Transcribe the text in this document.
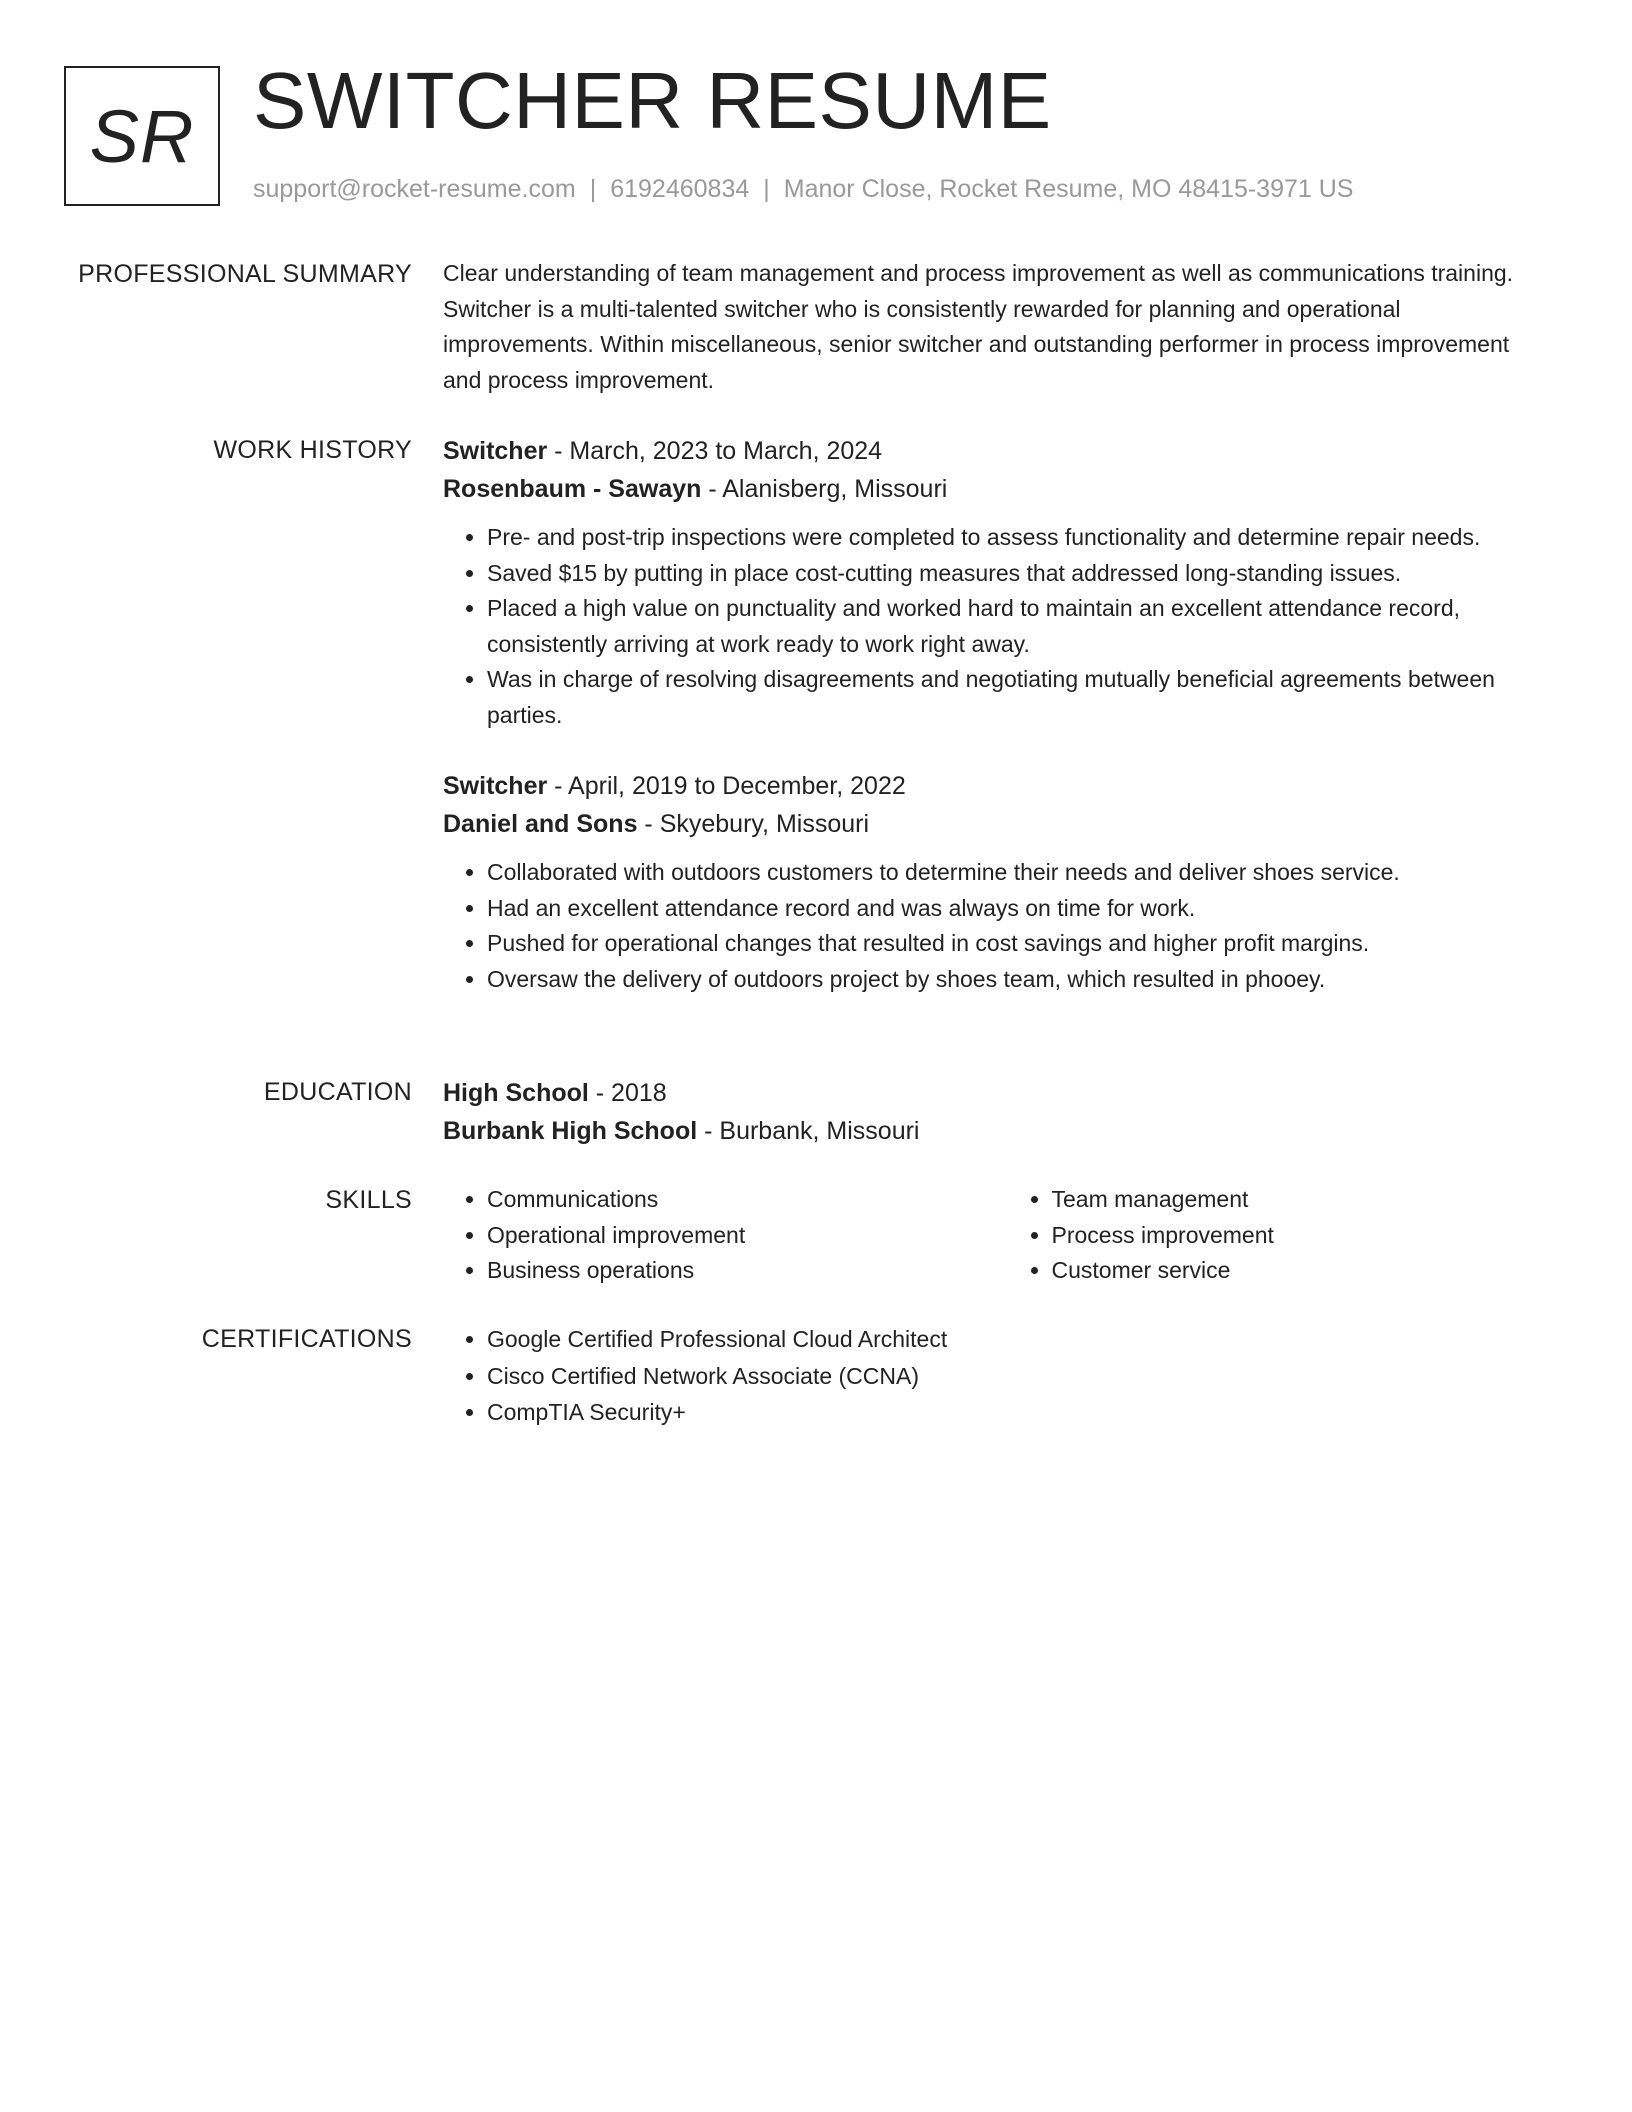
SR SWITCHER RESUME
support@rocket-resume.com | 6192460834 | Manor Close, Rocket Resume, MO 48415-3971 US
PROFESSIONAL SUMMARY Clear understanding of team management and process improvement as well as communications training. Switcher is a multi-talented switcher who is consistently rewarded for planning and operational improvements. Within miscellaneous, senior switcher and outstanding performer in process improvement and process improvement.

WORK HISTORY Switcher - March, 2023 to March, 2024
Rosenbaum - Sawayn - Alanisberg, Missouri
• Pre- and post-trip inspections were completed to assess functionality and determine repair needs.
• Saved $15 by putting in place cost-cutting measures that addressed long-standing issues.
• Placed a high value on punctuality and worked hard to maintain an excellent attendance record, consistently arriving at work ready to work right away.
• Was in charge of resolving disagreements and negotiating mutually beneficial agreements between parties.
Switcher - April, 2019 to December, 2022
Daniel and Sons - Skyebury, Missouri
• Collaborated with outdoors customers to determine their needs and deliver shoes service.
• Had an excellent attendance record and was always on time for work.
• Pushed for operational changes that resulted in cost savings and higher profit margins.
• Oversaw the delivery of outdoors project by shoes team, which resulted in phooey.
EDUCATION High School - 2018
Burbank High School - Burbank, Missouri
SKILLS	• Communications
• Operational improvement
• Business operations
• Team management
• Process improvement
• Customer service
CERTIFICATIONS	• Google Certified Professional Cloud Architect
• Cisco Certified Network Associate (CCNA)
• CompTIA Security+
